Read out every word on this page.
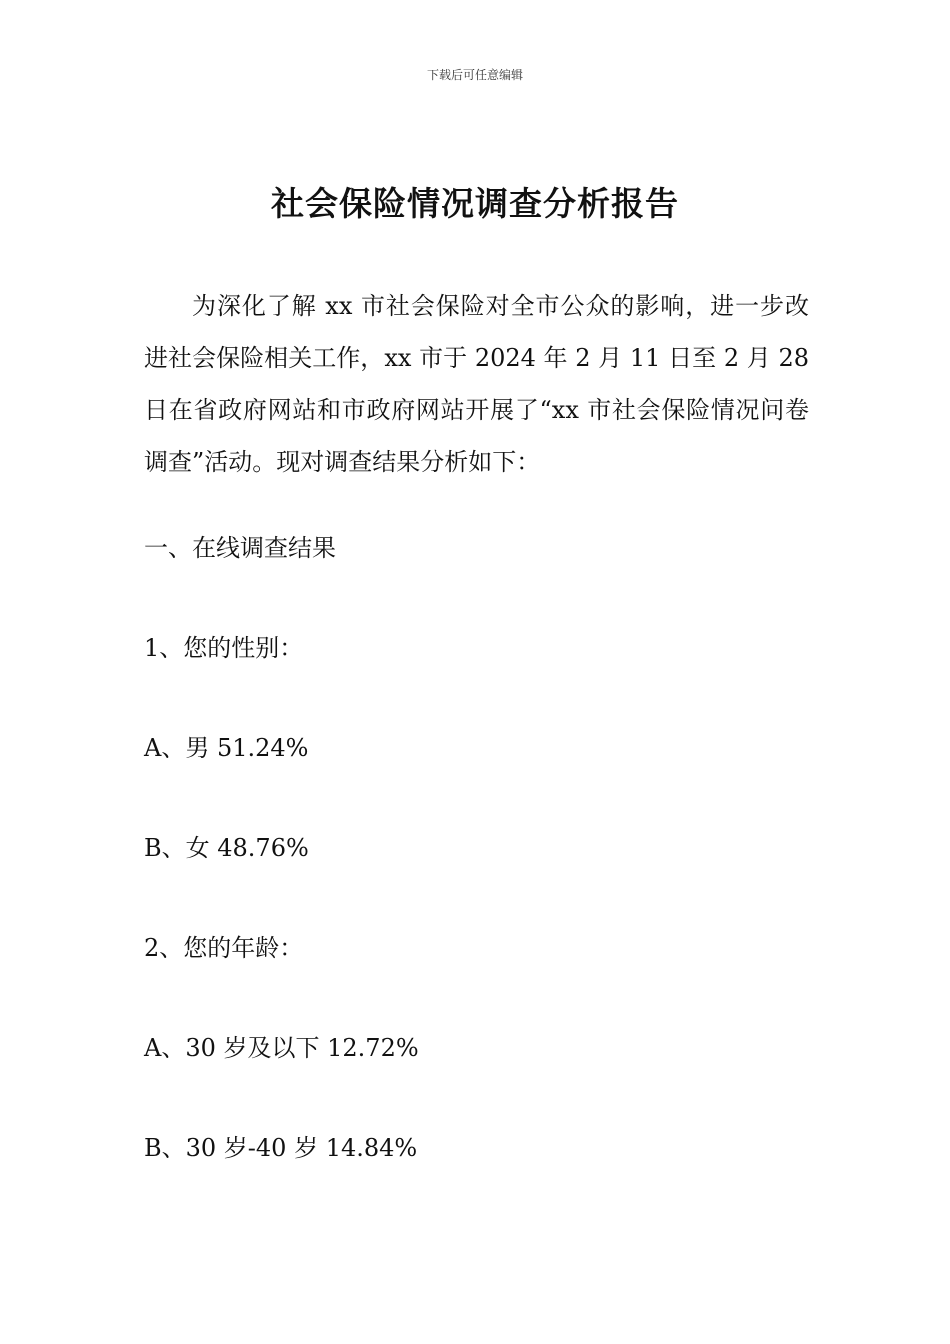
下载后可任意编辑
社会保险情况调查分析报告

为深化了解 xx 市社会保险对全市公众的影响，进一步改进社会保险相关工作，xx 市于 2024 年 2 月 11 日至 2 月 28 日在省政府网站和市政府网站开展了“xx 市社会保险情况问卷调查”活动。现对调查结果分析如下：

一、在线调查结果

1、您的性别：

A、男 51.24%

B、女 48.76%

2、您的年龄：

A、30 岁及以下 12.72%

B、30 岁-40 岁 14.84%
